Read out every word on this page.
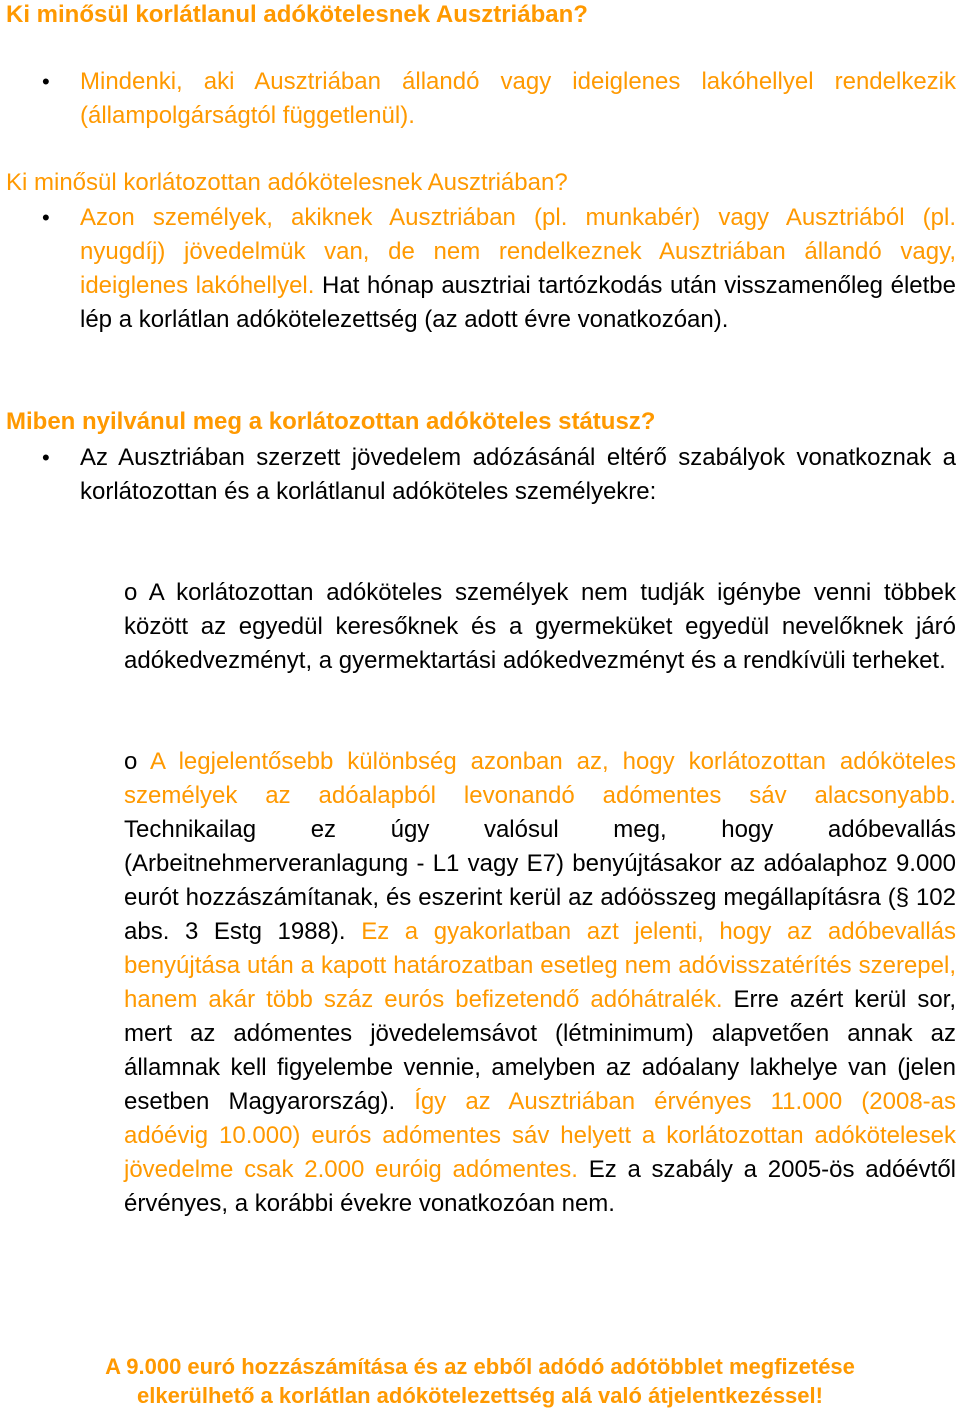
Ki minősül korlátlanul adókötelesnek Ausztriában?
• Mindenki, aki Ausztriában állandó vagy ideiglenes lakóhellyel rendelkezik (állampolgárságtól függetlenül).
Ki minősül korlátozottan adókötelesnek Ausztriában?
• Azon személyek, akiknek Ausztriában (pl. munkabér) vagy Ausztriából (pl. nyugdíj) jövedelmük van, de nem rendelkeznek Ausztriában állandó vagy, ideiglenes lakóhellyel. Hat hónap ausztriai tartózkodás után visszamenőleg életbe lép a korlátlan adókötelezettség (az adott évre vonatkozóan).
Miben nyilvánul meg a korlátozottan adóköteles státusz?
• Az Ausztriában szerzett jövedelem adózásánál eltérő szabályok vonatkoznak a korlátozottan és a korlátlanul adóköteles személyekre:
o A korlátozottan adóköteles személyek nem tudják igénybe venni többek között az egyedül keresőknek és a gyermeküket egyedül nevelőknek járó adókedvezményt, a gyermektartási adókedvezményt és a rendkívüli terheket.
o A legjelentősebb különbség azonban az, hogy korlátozottan adóköteles személyek az adóalapból levonandó adómentes sáv alacsonyabb. Technikailag ez úgy valósul meg, hogy adóbevallás (Arbeitnehmerveranlagung - L1 vagy E7) benyújtásakor az adóalaphoz 9.000 eurót hozzászámítanak, és eszerint kerül az adóösszeg megállapításra (§ 102 abs. 3 Estg 1988). Ez a gyakorlatban azt jelenti, hogy az adóbevallás benyújtása után a kapott határozatban esetleg nem adóvisszatérítés szerepel, hanem akár több száz eurós befizetendő adóhátralék. Erre azért kerül sor, mert az adómentes jövedelemsávot (létminimum) alapvetően annak az államnak kell figyelembe vennie, amelyben az adóalany lakhelye van (jelen esetben Magyarország). Így az Ausztriában érvényes 11.000 (2008-as adóévig 10.000) eurós adómentes sáv helyett a korlátozottan adókötelesek jövedelme csak 2.000 euróig adómentes. Ez a szabály a 2005-ös adóévtől érvényes, a korábbi évekre vonatkozóan nem.
A 9.000 euró hozzászámítása és az ebből adódó adótöbblet megfizetése
elkerülhető a korlátlan adókötelezettség alá való átjelentkezéssel!
